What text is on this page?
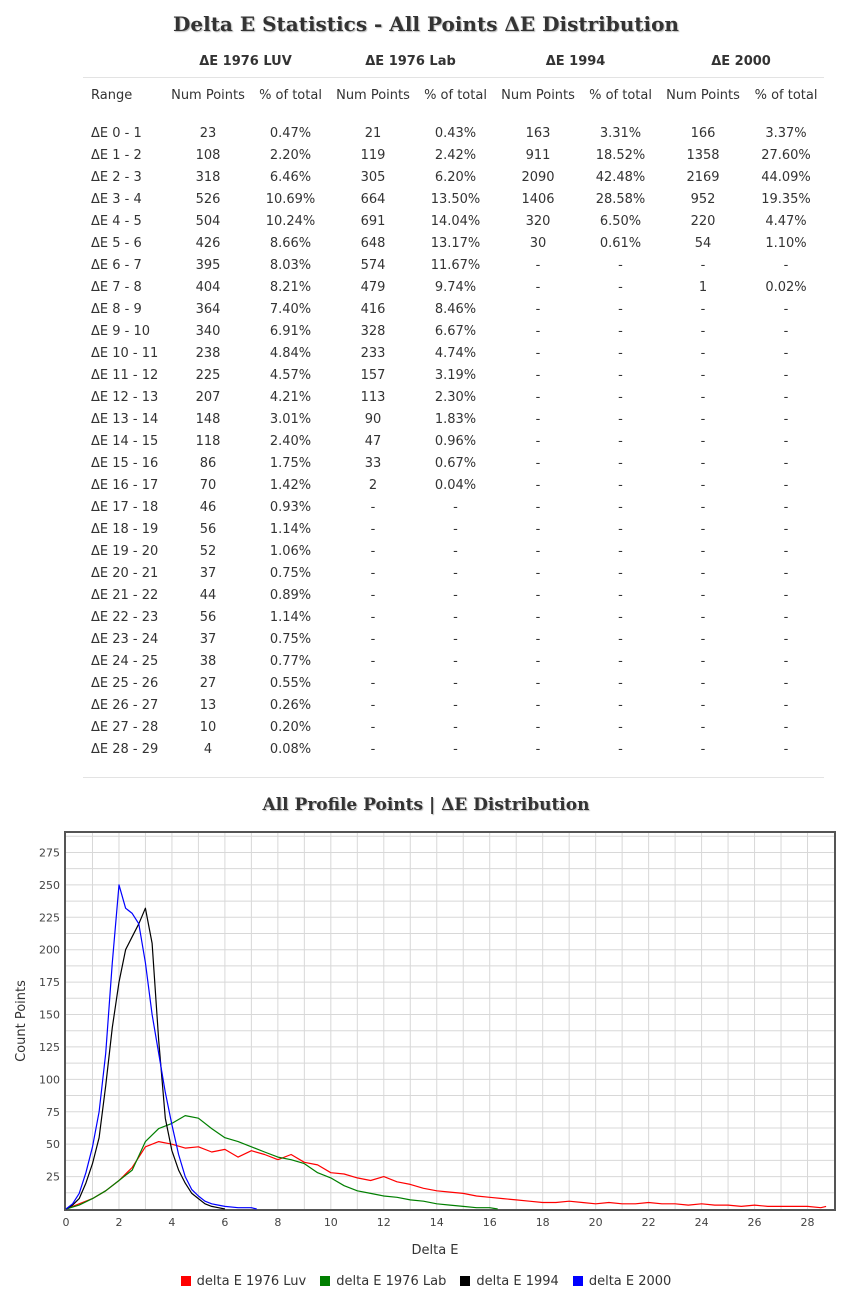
Delta E Statistics - All Points ΔE Distribution
	ΔE 1976 LUV		ΔE 1976 Lab		ΔE 1994		ΔE 2000	
Range	Num Points	% of total	Num Points	% of total	Num Points	% of total	Num Points	% of total

ΔE 0 - 1	23	0.47%	21	0.43%	163	3.31%	166	3.37%
ΔE 1 - 2	108	2.20%	119	2.42%	911	18.52%	1358	27.60%
ΔE 2 - 3	318	6.46%	305	6.20%	2090	42.48%	2169	44.09%
ΔE 3 - 4	526	10.69%	664	13.50%	1406	28.58%	952	19.35%
ΔE 4 - 5	504	10.24%	691	14.04%	320	6.50%	220	4.47%
ΔE 5 - 6	426	8.66%	648	13.17%	30	0.61%	54	1.10%
ΔE 6 - 7	395	8.03%	574	11.67%	-	-	-	-
ΔE 7 - 8	404	8.21%	479	9.74%	-	-	1	0.02%
ΔE 8 - 9	364	7.40%	416	8.46%	-	-	-	-
ΔE 9 - 10	340	6.91%	328	6.67%	-	-	-	-
ΔE 10 - 11	238	4.84%	233	4.74%	-	-	-	-
ΔE 11 - 12	225	4.57%	157	3.19%	-	-	-	-
ΔE 12 - 13	207	4.21%	113	2.30%	-	-	-	-
ΔE 13 - 14	148	3.01%	90	1.83%	-	-	-	-
ΔE 14 - 15	118	2.40%	47	0.96%	-	-	-	-
ΔE 15 - 16	86	1.75%	33	0.67%	-	-	-	-
ΔE 16 - 17	70	1.42%	2	0.04%	-	-	-	-
ΔE 17 - 18	46	0.93%	-	-	-	-	-	-
ΔE 18 - 19	56	1.14%	-	-	-	-	-	-
ΔE 19 - 20	52	1.06%	-	-	-	-	-	-
ΔE 20 - 21	37	0.75%	-	-	-	-	-	-
ΔE 21 - 22	44	0.89%	-	-	-	-	-	-
ΔE 22 - 23	56	1.14%	-	-	-	-	-	-
ΔE 23 - 24	37	0.75%	-	-	-	-	-	-
ΔE 24 - 25	38	0.77%	-	-	-	-	-	-
ΔE 25 - 26	27	0.55%	-	-	-	-	-	-
ΔE 26 - 27	13	0.26%	-	-	-	-	-	-
ΔE 27 - 28	10	0.20%	-	-	-	-	-	-
ΔE 28 - 29	4	0.08%	-	-	-	-	-	-
All Profile Points | ΔE Distribution
0	2	4	6	8	10	12	14	16	18	20	22	24	26	28
25
50
75
100
125
150
175
200
225
250
275
Delta E
Count Points
delta E 1976 Luv delta E 1976 Lab delta E 1994 delta E 2000
